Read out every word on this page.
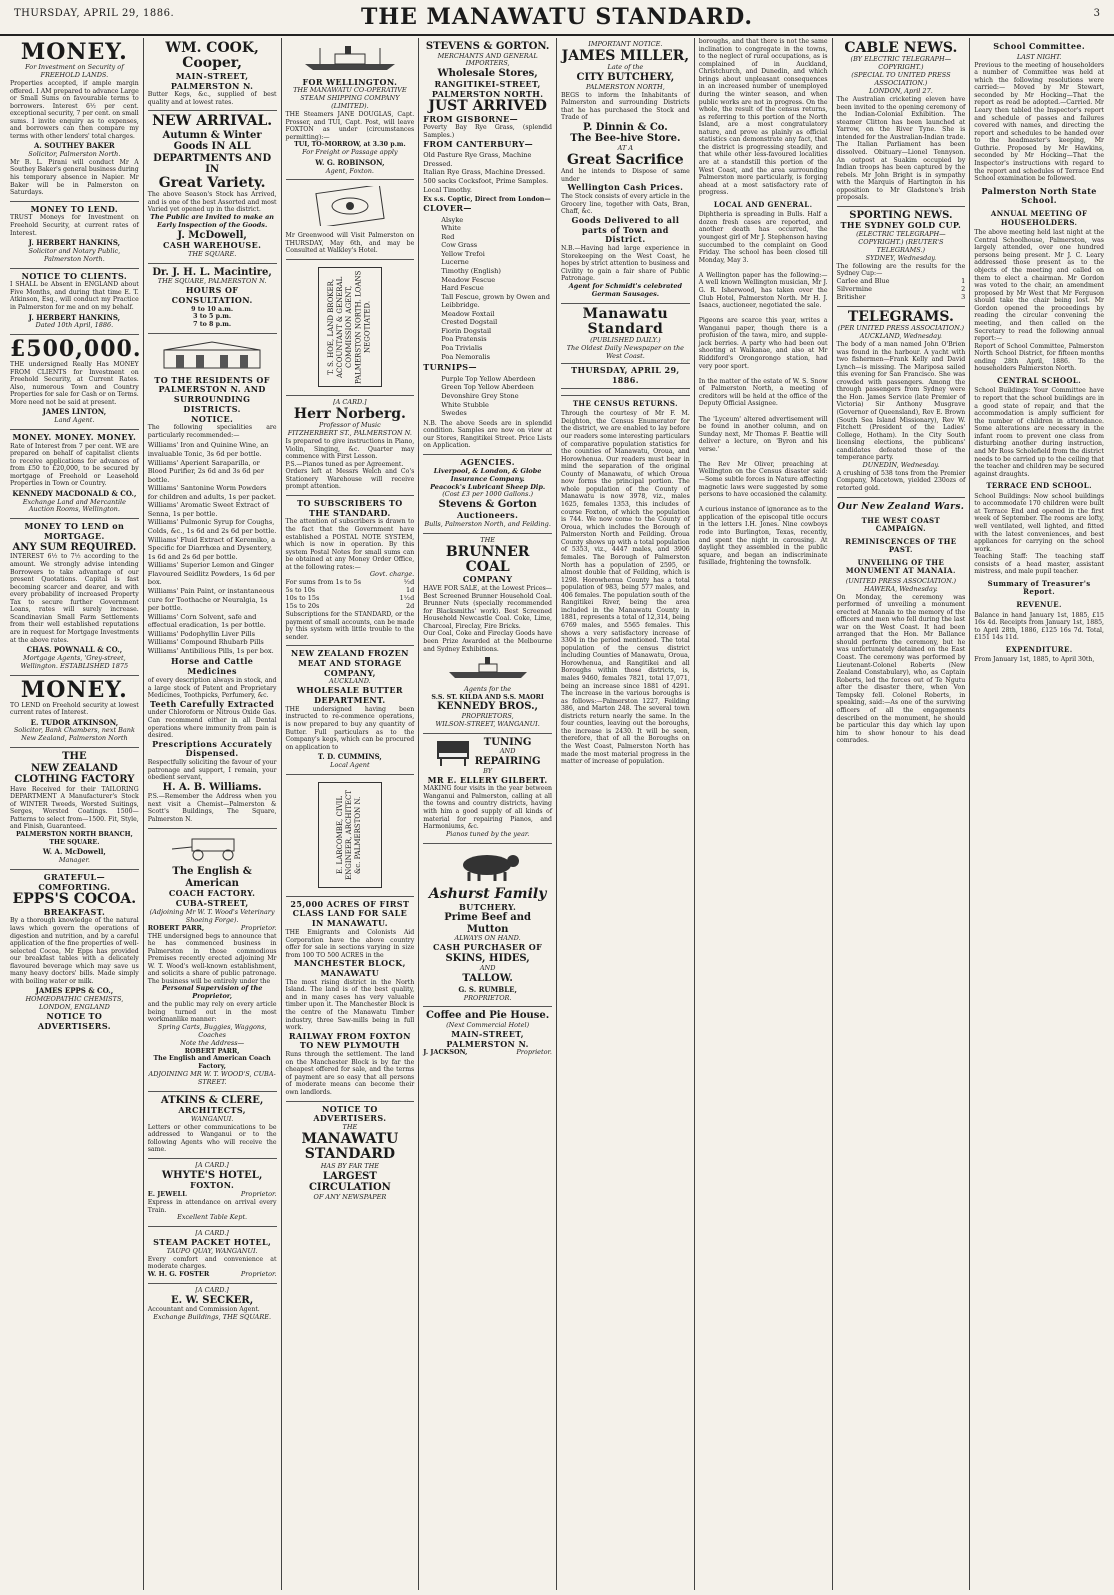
THURSDAY, APRIL 29, 1886.	THE MANAWATU STANDARD.	3
MONEY.
For Investment on Security of FREEHOLD LANDS.
Properties accepted, if ample margin offered. I AM prepared to advance Large or Small Sums on favourable terms to borrowers. Interest 6½ per cent. exceptional security, 7 per cent. on small sums. I invite enquiry as to expenses, and borrowers can then compare my terms with other lenders' total charges.
A. SOUTHEY BAKER
Solicitor, Palmerston North.
Mr B. L. Pirani will conduct Mr A Southey Baker's general business during his temporary absence in Napier. Mr Baker will be in Palmerston on Saturdays.
MONEY TO LEND.
TRUST Moneys for Investment on Freehold Security, at current rates of Interest.
J. HERBERT HANKINS,
Solicitor and Notary Public, Palmerston North.
NOTICE TO CLIENTS.
I SHALL be Absent in ENGLAND about Five Months, and during that time E. T. Atkinson, Esq., will conduct my Practice in Palmerston for me and on my behalf.
J. HERBERT HANKINS,
Dated 10th April, 1886.
£500,000.
THE undersigned Really Has MONEY FROM CLIENTS for Investment on Freehold Security, at Current Rates. Also, numerous Town and Country Properties for sale for Cash or on Terms. More need not be said at present.
JAMES LINTON,
Land Agent.
MONEY. MONEY. MONEY.
Rate of Interest from 7 per cent. WE are prepared on behalf of capitalist clients to receive applications for advances of from £50 to £20,000, to be secured by mortgage of Freehold or Leasehold Properties in Town or Country.
KENNEDY MACDONALD & CO.,
Exchange Land and Mercantile Auction Rooms, Wellington.
MONEY TO LEND on MORTGAGE.
ANY SUM REQUIRED.
INTEREST 6½ to 7½ according to the amount. We strongly advise intending Borrowers to take advantage of our present Quotations. Capital is fast becoming scarcer and dearer, and with every probability of increased Property Tax to secure further Government Loans, rates will surely increase. Scandinavian Small Farm Settlements from their well established reputations are in request for Mortgage Investments at the above rates.
CHAS. POWNALL & CO.,
Mortgage Agents, 'Grey-street, Wellington. ESTABLISHED 1875
MONEY.
TO LEND on Freehold security at lowest current rates of Interest.
E. TUDOR ATKINSON,
Solicitor, Bank Chambers, next Bank New Zealand, Palmerston North
THE
NEW ZEALAND CLOTHING FACTORY
Have Received for their TAILORING DEPARTMENT A Manufacturer's Stock of WINTER Tweeds, Worsted Suitings, Serges, Worsted Coatings. 1500—Patterns to select from—1500. Fit, Style, and Finish, Guaranteed.
PALMERSTON NORTH BRANCH, THE SQUARE.
W. A. McDowell,
Manager.
GRATEFUL—COMFORTING.
EPPS'S COCOA.
BREAKFAST.
By a thorough knowledge of the natural laws which govern the operations of digestion and nutrition, and by a careful application of the fine properties of well-selected Cocoa, Mr Epps has provided our breakfast tables with a delicately flavoured beverage which may save us many heavy doctors' bills. Made simply with boiling water or milk.
JAMES EPPS & CO.,
HOMŒOPATHIC CHEMISTS, LONDON, ENGLAND
NOTICE TO ADVERTISERS.
WM. COOK,
Cooper,
MAIN-STREET, PALMERSTON N.
Butter Kegs, &c., supplied of best quality and at lowest rates.
NEW ARRIVAL.
Autumn & Winter Goods IN ALL DEPARTMENTS AND IN
Great Variety.
The above Season's Stock has Arrived, and is one of the best Assorted and most Varied yet opened up in the district.
The Public are Invited to make an Early Inspection of the Goods.
J. McDowell,
CASH WAREHOUSE.
THE SQUARE.
Dr. J. H. L. Macintire,
THE SQUARE, PALMERSTON N.
HOURS OF CONSULTATION.
9 to 10 a.m.
3 to 5 p.m.
7 to 8 p.m.
TO THE RESIDENTS OF PALMERSTON N. AND SURROUNDING DISTRICTS.
NOTICE.
The following specialities are particularly recommended:—
Williams' Iron and Quinine Wine, an invaluable Tonic, 3s 6d per bottle.
Williams' Aperient Saraparilla, or Blood Purifier, 2s 6d and 3s 6d per bottle.
Williams' Santonine Worm Powders for children and adults, 1s per packet.
Williams' Aromatic Sweet Extract of Senna, 1s per bottle.
Williams' Pulmonic Syrup for Coughs, Colds, &c., 1s 6d and 2s 6d per bottle.
Williams' Fluid Extract of Keremiko, a Specific for Diarrhœa and Dysentery, 1s 6d and 2s 6d per bottle.
Williams' Superior Lemon and Ginger Flavoured Seidlitz Powders, 1s 6d per box.
Williams' Pain Paint, or instantaneous cure for Toothache or Neuralgia, 1s per bottle.
Williams' Corn Solvent, safe and effectual eradication, 1s per bottle.
Williams' Podophyllin Liver Pills
Williams' Compound Rhubarb Pills
Williams' Antibilious Pills, 1s per box.
Horse and Cattle Medicines
of every description always in stock, and a large stock of Patent and Proprietary Medicines, Toothpicks, Perfumery, &c.
Teeth Carefully Extracted
under Chloroform or Nitrous Oxide Gas. Can recommend either in all Dental operations where immunity from pain is desired.
Prescriptions Accurately Dispensed.
Respectfully soliciting the favour of your patronage and support, I remain, your obedient servant,
H. A. B. Williams.
P.S.—Remember the Address when you next visit a Chemist—Palmerston & Scott's Buildings, The Square, Palmerston N.
The English & American
COACH FACTORY.
CUBA-STREET,
(Adjoining Mr W. T. Wood's Veterinary Shoeing Forge).
ROBERT PARR,	Proprietor.
THE undersigned begs to announce that he has commenced business in Palmerston in those commodious Premises recently erected adjoining Mr W. T. Wood's well-known establishment, and solicits a share of public patronage. The business will be entirely under the
Personal Supervision of the Proprietor,
and the public may rely on every article being turned out in the most workmanlike manner:
Spring Carts, Buggies, Waggons, Coaches
Note the Address—
ROBERT PARR,
The English and American Coach Factory,
ADJOINING MR W. T. WOOD'S, CUBA-STREET.
ATKINS & CLERE,
ARCHITECTS,
WANGANUI.
Letters or other communications to be addressed to Wanganui or to the following Agents who will receive the same.
[A CARD.]
WHYTE'S HOTEL,
FOXTON.
E. JEWELL	Proprietor.
Express in attendance on arrival every Train.
Excellent Table Kept.
[A CARD.]
STEAM PACKET HOTEL,
TAUPO QUAY, WANGANUI.
Every comfort and convenience at moderate charges.
W. H. G. FOSTER	Proprietor.
[A CARD.]
E. W. SECKER,
Accountant and Commission Agent.
Exchange Buildings, THE SQUARE.
FOR WELLINGTON.
THE MANAWATU CO-OPERATIVE STEAM SHIPPING COMPANY (LIMITED).
THE Steamers JANE DOUGLAS, Capt. Prosser, and TUI, Capt. Post, will leave FOXTON as under (circumstances permitting):—
TUI, TO-MORROW, at 3.30 p.m.
For Freight or Passage apply
W. G. ROBINSON,
Agent, Foxton.
Mr Greenwood will Visit Palmerston on THURSDAY, May 6th, and may be Consulted at Walkley's Hotel.
T. S. HOE, LAND BROKER, ACCOUNTANT & GENERAL COMMISSION AGENT, PALMERSTON NORTH. LOANS NEGOTIATED.
[A CARD.]
Herr Norberg.
Professor of Music
FITZHERBERT ST., PALMERSTON N.
Is prepared to give instructions in Piano, Violin, Singing, &c. Quarter may commence with First Lesson.
P.S.—Pianos tuned as per Agreement.
Orders left at Messrs Welch and Co's Stationery Warehouse will receive prompt attention.
TO SUBSCRIBERS TO THE STANDARD.
The attention of subscribers is drawn to the fact that the Government have established a POSTAL NOTE SYSTEM, which is now in operation. By this system Postal Notes for small sums can be obtained at any Money Order Office, at the following rates:—
Govt. charge.
For sums from 1s to 5s	½d
5s to 10s	1d
10s to 15s	1½d
15s to 20s	2d
Subscriptions for the STANDARD, or the payment of small accounts, can be made by this system with little trouble to the sender.
NEW ZEALAND FROZEN MEAT AND STORAGE COMPANY,
AUCKLAND.
WHOLESALE BUTTER DEPARTMENT.
THE undersigned having been instructed to re-commence operations, is now prepared to buy any quantity of Butter. Full particulars as to the Company's kegs, which can be procured on application to
T. D. CUMMINS,
Local Agent
E. LARCOMBE, CIVIL ENGINEER, ARCHITECT &c. PALMERSTON N.
25,000 ACRES OF FIRST CLASS LAND FOR SALE IN MANAWATU.
THE Emigrants and Colonists Aid Corporation have the above country offer for sale in sections varying in size from 100 TO 500 ACRES in the
MANCHESTER BLOCK, MANAWATU
The most rising district in the North Island. The land is of the best quality, and in many cases has very valuable timber upon it. The Manchester Block is the centre of the Manawatu Timber industry, three Saw-mills being in full work.
RAILWAY FROM FOXTON TO NEW PLYMOUTH
Runs through the settlement. The land on the Manchester Block is by far the cheapest offered for sale, and the terms of payment are so easy that all persons of moderate means can become their own landlords.
NOTICE TO ADVERTISERS.
THE
MANAWATU STANDARD
HAS BY FAR THE
LARGEST CIRCULATION
OF ANY NEWSPAPER
STEVENS & GORTON.
MERCHANTS AND GENERAL IMPORTERS,
Wholesale Stores,
RANGITIKEI-STREET, PALMERSTON NORTH.
JUST ARRIVED
FROM GISBORNE—
Poverty Bay Rye Grass, (splendid Samples.)
FROM CANTERBURY—
Old Pasture Rye Grass, Machine Dressed.
Italian Rye Grass, Machine Dressed.
500 sacks Cocksfoot, Prime Samples.
Local Timothy.
Ex s.s. Coptic, Direct from London—
CLOVER—
Alsyke
White
Red
Cow Grass
Yellow Trefoi
Lucerne
Timothy (English)
Meadow Fescue
Hard Fescue
Tall Fescue, grown by Owen and Leibbridge.
Meadow Foxtail
Crested Dogstail
Fiorin Dogstail
Poa Pratensis
Poa Trivialis
Poa Nemoralis
TURNIPS—
Purple Top Yellow Aberdeen
Green Top Yellow Aberdeen
Devonshire Grey Stone
White Stubble
Swedes
N.B. The above Seeds are in splendid condition. Samples are now on view at our Stores, Rangitikei Street. Price Lists on Application.
AGENCIES.
Liverpool, & London, & Globe Insurance Company.
Peacock's Lubricant Sheep Dip.
(Cost £3 per 1000 Gallons.)
Stevens & Gorton
Auctioneers.
Bulls, Palmerston North, and Feilding.
THE
BRUNNER COAL
COMPANY
HAVE FOR SALE, at the Lowest Prices—Best Screened Brunner Household Coal. Brunner Nuts (specially recommended for Blacksmiths' work). Best Screened Household Newcastle Coal. Coke, Lime, Charcoal, Fireclay, Fire Bricks.
Our Coal, Coke and Fireclay Goods have been Prize Awarded at the Melbourne and Sydney Exhibitions.
Agents for the
S.S. ST. KILDA AND S.S. MAORI
KENNEDY BROS.,
PROPRIETORS,
WILSON-STREET, WANGANUI.
TUNING
AND
REPAIRING
BY
MR E. ELLERY GILBERT.
MAKING four visits in the year between Wanganui and Palmerston, calling at all the towns and country districts, having with him a good supply of all kinds of material for repairing Pianos, and Harmoniums, &c.
Pianos tuned by the year.
Ashurst Family
BUTCHERY.
Prime Beef and Mutton
ALWAYS ON HAND.
CASH PURCHASER OF
SKINS, HIDES,
AND
TALLOW.
G. S. RUMBLE,
PROPRIETOR.
Coffee and Pie House.
(Next Commercial Hotel)
MAIN-STREET, PALMERSTON N.
J. JACKSON,	Proprietor.
IMPORTANT NOTICE.
JAMES MILLER,
Late of the
CITY BUTCHERY,
PALMERSTON NORTH,
BEGS to inform the Inhabitants of Palmerston and surrounding Districts that he has purchased the Stock and Trade of
P. Dinnin & Co.
The Bee-hive Store.
AT A
Great Sacrifice
And he intends to Dispose of same under
Wellington Cash Prices.
The Stock consists of every article in the Grocery line, together with Oats, Bran, Chaff, &c.
Goods Delivered to all parts of Town and District.
N.B.—Having had large experience in Storekeeping on the West Coast, he hopes by strict attention to business and Civility to gain a fair share of Public Patronage.
Agent for Schmidt's celebrated German Sausages.
Manawatu Standard
(PUBLISHED DAILY.)
The Oldest Daily Newspaper on the West Coast.
THURSDAY, APRIL 29, 1886.
THE CENSUS RETURNS.
Through the courtesy of Mr F. M. Deighton, the Census Enumerator for the district, we are enabled to lay before our readers some interesting particulars of comparative population statistics for the counties of Manawatu, Oroua, and Horowhenua. Our readers must bear in mind the separation of the original County of Manawatu, of which Oroua now forms the principal portion. The whole population of the County of Manawatu is now 3978, viz., males 1625, females 1353, this includes of course Foxton, of which the population is 744. We now come to the County of Oroua, which includes the Borough of Palmerston North and Feilding. Oroua County shows up with a total population of 5353, viz., 4447 males, and 3906 females. The Borough of Palmerston North has a population of 2595, or almost double that of Feilding, which is 1298. Horowhenua County has a total population of 983, being 577 males, and 406 females. The population south of the Rangitikei River, being the area included in the Manawatu County in 1881, represents a total of 12,314, being 6769 males, and 5565 females. This shows a very satisfactory increase of 3304 in the period mentioned. The total population of the census district including Counties of Manawatu, Oroua, Horowhenua, and Rangitikei and all Boroughs within those districts, is, males 9460, females 7821, total 17,071, being an increase since 1881 of 4291. The increase in the various boroughs is as follows:—Palmerston 1227, Feilding 386, and Marton 248. The several town districts return nearly the same. In the four counties, leaving out the boroughs, the increase is 2430. It will be seen, therefore, that of all the Boroughs on the West Coast, Palmerston North has made the most material progress in the matter of increase of population.
boroughs, and that there is not the same inclination to congregate in the towns, to the neglect of rural occupations, as is complained of in Auckland, Christchurch, and Dunedin, and which brings about unpleasant consequences in an increased number of unemployed during the winter season, and when public works are not in progress. On the whole, the result of the census returns, as referring to this portion of the North Island, are a most congratulatory nature, and prove as plainly as official statistics can demonstrate any fact, that the district is progressing steadily, and that while other less-favoured localities are at a standstill this portion of the West Coast, and the area surrounding Palmerston more particularly, is forging ahead at a most satisfactory rate of progress.
LOCAL AND GENERAL.
Diphtheria is spreading in Bulls. Half a dozen fresh cases are reported, and another death has occurred, the youngest girl of Mr J. Stephenson having succumbed to the complaint on Good Friday. The school has been closed till Monday, May 3.

A Wellington paper has the following:—A well known Wellington musician, Mr J. G. R. Isherwood, has taken over the Club Hotel, Palmerston North. Mr H. J. Isaacs, auctioneer, negotiated the sale.

Pigeons are scarce this year, writes a Wanganui paper, though there is a profusion of the tawa, miro, and supple-jack berries. A party who had been out shooting at Waikanae, and also at Mr Riddiford's Orongorongo station, had very poor sport.

In the matter of the estate of W. S. Snow of Palmerston North, a meeting of creditors will be held at the office of the Deputy Official Assignee.

The 'Lyceum' altered advertisement will be found in another column, and on Sunday next, Mr Thomas F. Beattie will deliver a lecture, on 'Byron and his verse.'

The Rev Mr Oliver, preaching at Wellington on the Census disaster said:—Some subtle forces in Nature affecting magnetic laws were suggested by some persons to have occasioned the calamity.

A curious instance of ignorance as to the application of the episcopal title occurs in the letters I.H. Jones. Nine cowboys rode into Burlington, Texas, recently, and spent the night in carousing. At daylight they assembled in the public square, and began an indiscriminate fusillade, frightening the townsfolk.
CABLE NEWS.
(BY ELECTRIC TELEGRAPH—COPYRIGHT.)
(SPECIAL TO UNITED PRESS ASSOCIATION.)
LONDON, April 27.
The Australian cricketing eleven have been invited to the opening ceremony of the Indian-Colonial Exhibition. The steamer Clitton has been launched at Yarrow, on the River Tyne. She is intended for the Australian-Indian trade. The Italian Parliament has been dissolved. Obituary—Lionel Tennyson. An outpost at Suakim occupied by Indian troops has been captured by the rebels. Mr John Bright is in sympathy with the Marquis of Hartington in his opposition to Mr Gladstone's Irish proposals.
SPORTING NEWS.
THE SYDNEY GOLD CUP.
(ELECTRIC TELEGRAPH—COPYRIGHT.) (REUTER'S TELEGRAMS.)
SYDNEY, Wednesday.
The following are the results for the Sydney Cup:—
Carlee and Blue	1
Silvermine	2
Britisher	3
TELEGRAMS.
(PER UNITED PRESS ASSOCIATION.)
AUCKLAND, Wednesday.
The body of a man named John O'Brien was found in the harbour. A yacht with two fishermen—Frank Kelly and David Lynch—is missing. The Mariposa sailed this evening for San Francisco. She was crowded with passengers. Among the through passengers from Sydney were the Hon. James Service (late Premier of Victoria) Sir Anthony Musgrave (Governor of Queensland), Rev E. Brown (South Sea Island Missionary), Rev W. Fitchett (President of the Ladies' College, Hotham). In the City South licensing elections, the publicans' candidates defeated those of the temperance party.
DUNEDIN, Wednesday.
A crushing of 538 tons from the Premier Company, Macetown, yielded 230ozs of retorted gold.
Our New Zealand Wars.
THE WEST COAST CAMPAIGN.
REMINISCENCES OF THE PAST.
UNVEILING OF THE MONUMENT AT MANAIA.
(UNITED PRESS ASSOCIATION.)
HAWERA, Wednesday.
On Monday, the ceremony was performed of unveiling a monument erected at Manaia to the memory of the officers and men who fell during the last war on the West Coast. It had been arranged that the Hon. Mr Ballance should perform the ceremony, but he was unfortunately detained on the East Coast. The ceremony was performed by Lieutenant-Colonel Roberts (New Zealand Constabulary), who, as Captain Roberts, led the forces out of Te Ngutu after the disaster there, when Von Tempsky fell. Colonel Roberts, in speaking, said:—As one of the surviving officers of all the engagements described on the monument, he should be particular this day which lay upon him to show honour to his dead comrades.
School Committee.
LAST NIGHT.
Previous to the meeting of householders a number of Committee was held at which the following resolutions were carried:— Moved by Mr Stewart, seconded by Mr Hocking—That the report as read be adopted.—Carried. Mr Leary then tabled the Inspector's report and schedule of passes and failures covered with names, and directing the report and schedules to be handed over to the headmaster's keeping, Mr Guthrie. Proposed by Mr Hawkins, seconded by Mr Hocking—That the Inspector's instructions with regard to the report and schedules of Terrace End School examination be followed.
Palmerston North State School.
ANNUAL MEETING OF HOUSEHOLDERS.
The above meeting held last night at the Central Schoolhouse, Palmerston, was largely attended, over one hundred persons being present. Mr J. C. Leary addressed those present as to the objects of the meeting and called on them to elect a chairman. Mr Gordon was voted to the chair, an amendment proposed by Mr West that Mr Ferguson should take the chair being lost. Mr Gordon opened the proceedings by reading the circular convening the meeting, and then called on the Secretary to read the following annual report:—
Report of School Committee, Palmerston North School District, for fifteen months ending 28th April, 1886. To the householders Palmerston North.
CENTRAL SCHOOL.
School Buildings: Your Committee have to report that the school buildings are in a good state of repair, and that the accommodation is amply sufficient for the number of children in attendance. Some alterations are necessary in the infant room to prevent one class from disturbing another during instruction, and Mr Ross Scholefield from the district needs to be carried up to the ceiling that the teacher and children may be secured against draughts.
TERRACE END SCHOOL.
School Buildings: Now school buildings to accommodate 170 children were built at Terrace End and opened in the first week of September. The rooms are lofty, well ventilated, well lighted, and fitted with the latest conveniences, and best appliances for carrying on the school work.
Teaching Staff: The teaching staff consists of a head master, assistant mistress, and male pupil teacher.
Summary of Treasurer's Report.
REVENUE.
Balance in hand January 1st, 1885, £15 16s 4d. Receipts from January 1st, 1885, to April 28th, 1886, £125 16s 7d. Total, £151 14s 11d.
EXPENDITURE.
From January 1st, 1885, to April 30th,
